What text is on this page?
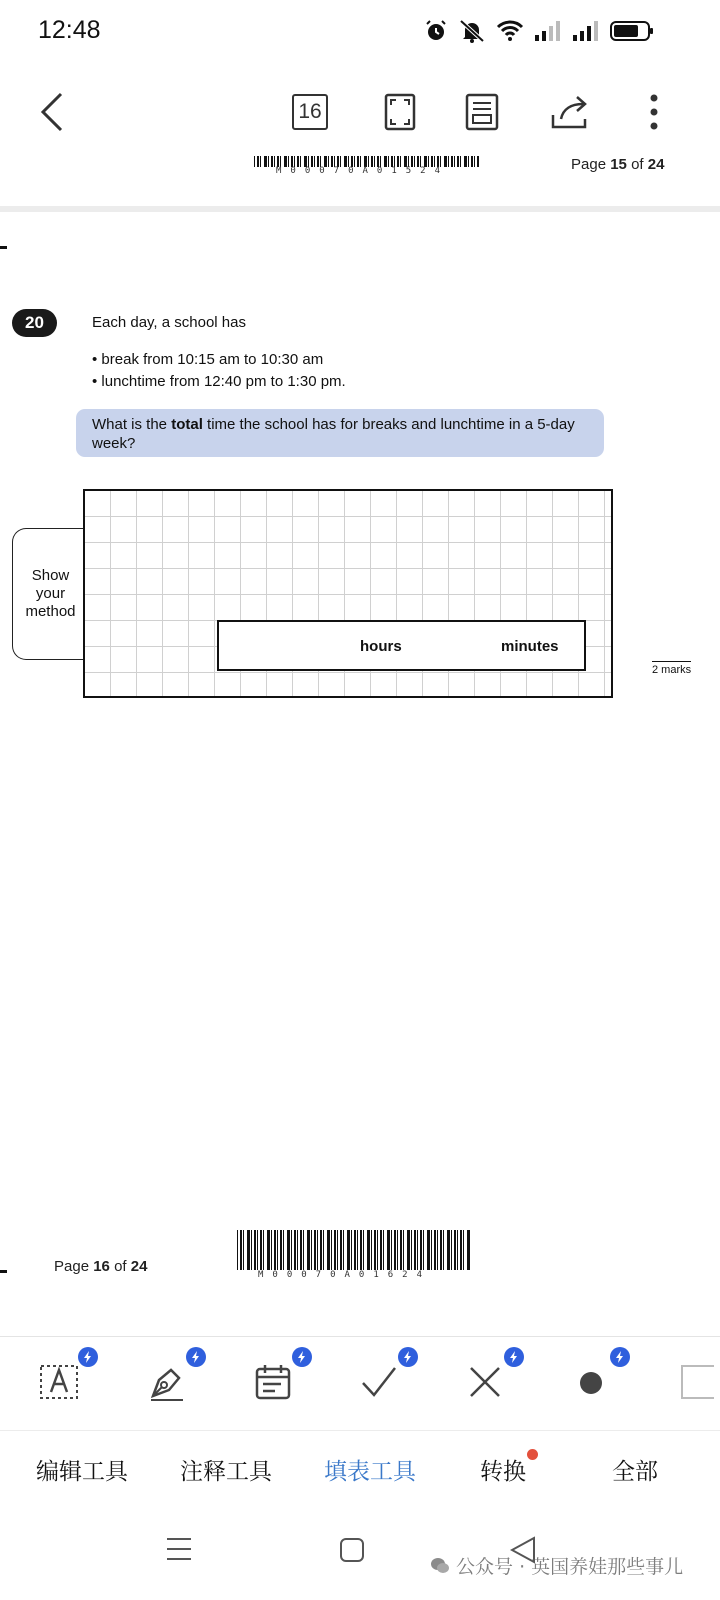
12:48
16
M00070A01524	Page 15 of 24
20	Each day, a school has
• break from 10:15 am to 10:30 am
• lunchtime from 12:40 pm to 1:30 pm.
What is the total time the school has for breaks and lunchtime in a 5-day week?
Show
your
method
hours	minutes
2 marks
Page 16 of 24	M00070A01624
编辑工具 注释工具 填表工具	转换	全部
公众号 · 英国养娃那些事儿
